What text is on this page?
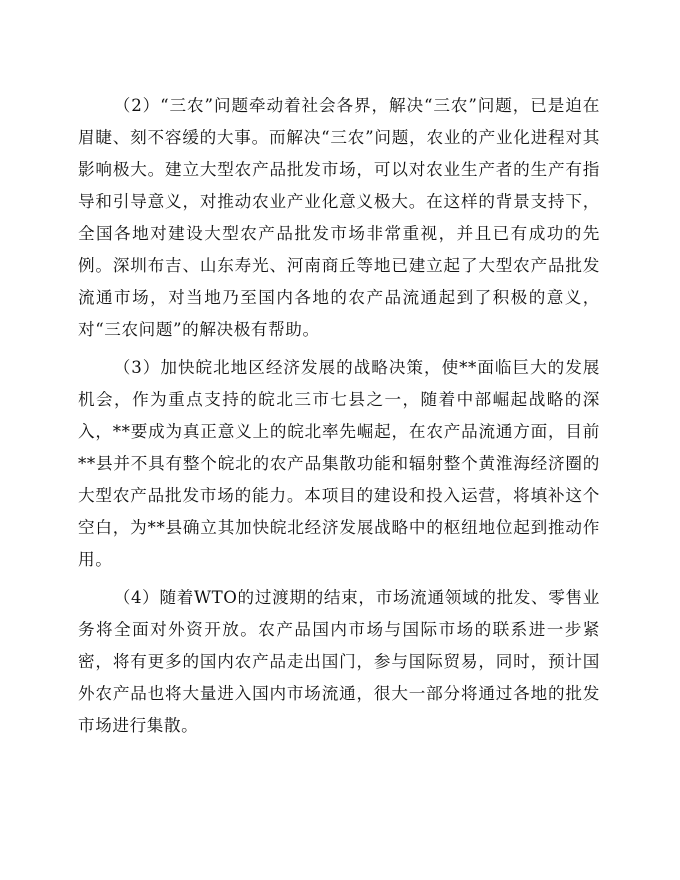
（2）“三农”问题牵动着社会各界，解决“三农”问题，已是迫在眉睫、刻不容缓的大事。而解决“三农”问题，农业的产业化进程对其影响极大。建立大型农产品批发市场，可以对农业生产者的生产有指导和引导意义，对推动农业产业化意义极大。在这样的背景支持下，全国各地对建设大型农产品批发市场非常重视，并且已有成功的先例。深圳布吉、山东寿光、河南商丘等地已建立起了大型农产品批发流通市场，对当地乃至国内各地的农产品流通起到了积极的意义，对“三农问题”的解决极有帮助。

（3）加快皖北地区经济发展的战略决策，使**面临巨大的发展机会，作为重点支持的皖北三市七县之一，随着中部崛起战略的深入，**要成为真正意义上的皖北率先崛起，在农产品流通方面，目前**县并不具有整个皖北的农产品集散功能和辐射整个黄淮海经济圈的大型农产品批发市场的能力。本项目的建设和投入运营，将填补这个空白，为**县确立其加快皖北经济发展战略中的枢纽地位起到推动作用。

（4）随着WTO的过渡期的结束，市场流通领域的批发、零售业务将全面对外资开放。农产品国内市场与国际市场的联系进一步紧密，将有更多的国内农产品走出国门，参与国际贸易，同时，预计国外农产品也将大量进入国内市场流通，很大一部分将通过各地的批发市场进行集散。
